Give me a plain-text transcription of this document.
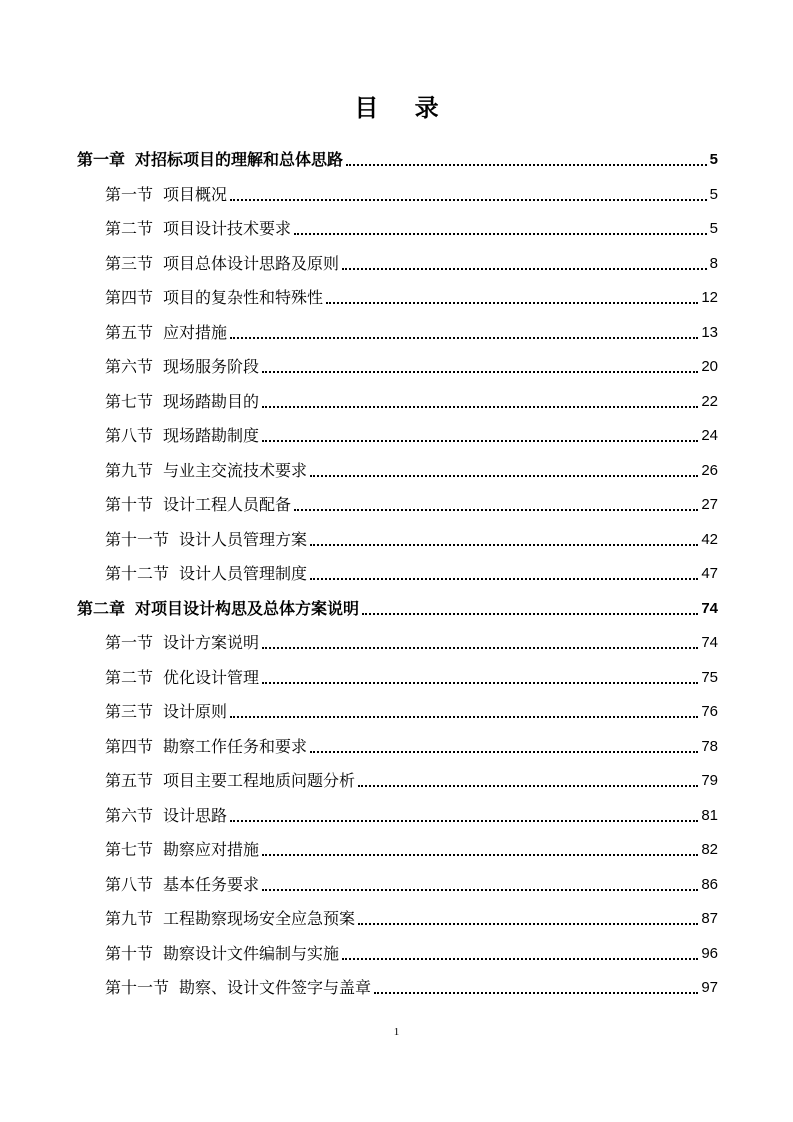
目 录
第一章 对招标项目的理解和总体思路	5
第一节 项目概况	5
第二节 项目设计技术要求	5
第三节 项目总体设计思路及原则	8
第四节 项目的复杂性和特殊性	12
第五节 应对措施	13
第六节 现场服务阶段	20
第七节 现场踏勘目的	22
第八节 现场踏勘制度	24
第九节 与业主交流技术要求	26
第十节 设计工程人员配备	27
第十一节 设计人员管理方案	42
第十二节 设计人员管理制度	47
第二章 对项目设计构思及总体方案说明	74
第一节 设计方案说明	74
第二节 优化设计管理	75
第三节 设计原则	76
第四节 勘察工作任务和要求	78
第五节 项目主要工程地质问题分析	79
第六节 设计思路	81
第七节 勘察应对措施	82
第八节 基本任务要求	86
第九节 工程勘察现场安全应急预案	87
第十节 勘察设计文件编制与实施	96
第十一节 勘察、设计文件签字与盖章	97
1
